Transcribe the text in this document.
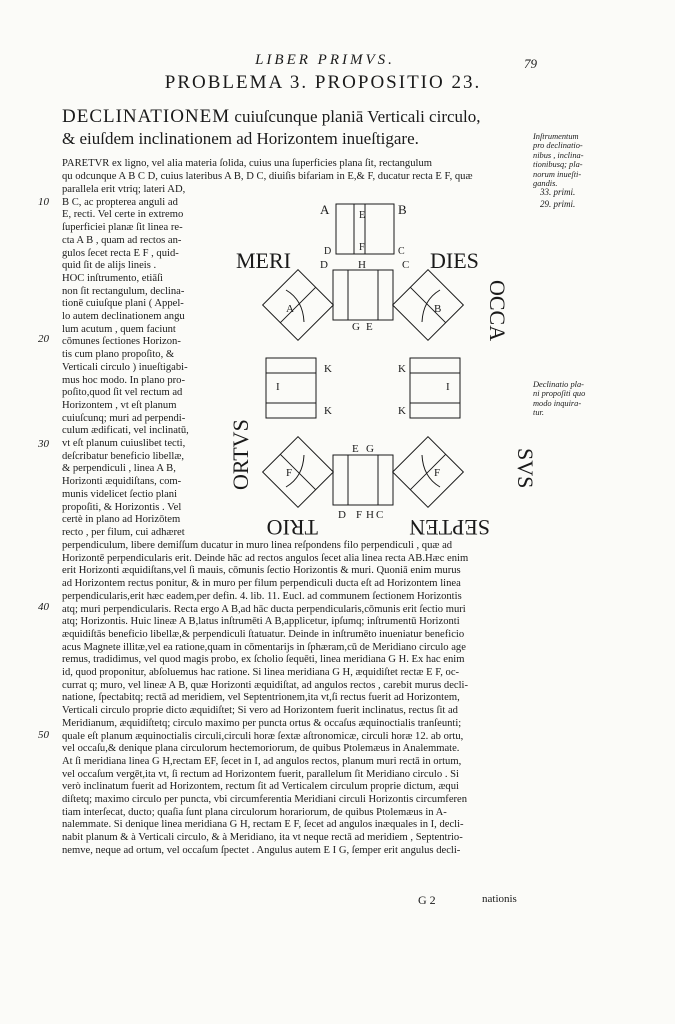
LIBER PRIMVS.	79
PROBLEMA 3. PROPOSITIO 23.
DECLINATIONEM cuiuſcunque planiā Verticali circulo,
& eiuſdem inclinationem ad Horizontem inueſtigare.
PARETVR ex ligno, vel alia materia ſolida, cuius una ſuperficies plana ſit, rectangulum
qu odcunque A B C D, cuius lateribus A B, D C, diuiſis bifariam in E,& F, ducatur recta E F, quæ
parallela erit vtriq; lateri AD,
B C, ac propterea anguli ad
E, recti. Vel certe in extremo
ſuperficiei planæ ſit linea re-
cta A B , quam ad rectos an-
gulos ſecet recta E F , quid-
quid ſit de alijs lineis .
HOC inſtrumento, etiāſi
non ſit rectangulum, declina-
tionē cuiuſque plani ( Appel-
lo autem declinationem angu
lum acutum , quem faciunt
cōmunes ſectiones Horizon-
tis cum plano propoſito, &
Verticali circulo ) inueſtigabi-
mus hoc modo. In plano pro-
poſito,quod ſit vel rectum ad
Horizontem , vt eſt planum
cuiuſcunq; muri ad perpendi-
culum ædificati, vel inclinatū,
vt eſt planum cuiuslibet tecti,
deſcribatur beneficio libellæ,
& perpendiculi , linea A B,
Horizonti æquidiſtans, com-
munis videlicet ſectio plani
propoſiti, & Horizontis . Vel
certè in plano ad Horizōtem
recto , per filum, cui adhæret
perpendiculum, libere demiſſum ducatur in muro linea reſpondens filo perpendiculi , quæ ad
Horizontē perpendicularis erit. Deinde hāc ad rectos angulos ſecet alia linea recta AB.Hæc enim
erit Horizonti æquidiſtans,vel ſi mauis, cōmunis ſectio Horizontis & muri. Quoniā enim murus
ad Horizontem rectus ponitur, & in muro per filum perpendiculi ducta eſt ad Horizontem linea
perpendicularis,erit hæc eadem,per defin. 4. lib. 11. Eucl. ad communem ſectionem Horizontis
atq; muri perpendicularis. Recta ergo A B,ad hāc ducta perpendicularis,cōmunis erit ſectio muri
atq; Horizontis. Huic lineæ A B,latus inſtrumēti A B,applicetur, ipſumq; inſtrumentū Horizonti
æquidiſtās beneficio libellæ,& perpendiculi ſtatuatur. Deinde in inſtrumēto inueniatur beneficio
acus Magnete illitæ,vel ea ratione,quam in cōmentarijs in ſphæram,cū de Meridiano circulo age
remus, tradidimus, vel quod magis probo, ex ſcholio ſequēti, linea meridiana G H. Ex hac enim
id, quod proponitur, abſoluemus hac ratione. Si linea meridiana G H, æquidiſtet rectæ E F, oc-
currat q; muro, vel lineæ A B, quæ Horizonti æquidiſtat, ad angulos rectos , carebit murus decli-
natione, ſpectabitq; rectā ad meridiem, vel Septentrionem,ita vt,ſi rectus fuerit ad Horizontem,
Verticali circulo proprie dicto æquidiſtet; Si vero ad Horizontem fuerit inclinatus, rectus ſit ad
Meridianum, æquidiſtetq; circulo maximo per puncta ortus & occaſus æquinoctialis tranſeunti;
quale eſt planum æquinoctialis circuli,circuli horæ ſextæ aſtronomicæ, circuli horæ 12. ab ortu,
vel occaſu,& denique plana circulorum hectemoriorum, de quibus Ptolemæus in Analemmate.
At ſi meridiana linea G H,rectam EF, ſecet in I, ad angulos rectos, planum muri rectā in ortum,
vel occaſum vergēt,ita vt, ſi rectum ad Horizontem fuerit, parallelum ſit Meridiano circulo . Si
verò inclinatum fuerit ad Horizontem, rectum ſit ad Verticalem circulum proprie dictum, æqui
diſtetq; maximo circulo per puncta, vbi circumferentia Meridiani circuli Horizontis circumferen
tiam interſecat, ducto; quaſia ſunt plana circulorum horariorum, de quibus Ptolemæus in A-
nalemmate. Si denique linea meridiana G H, rectam E F, ſecet ad angulos inæquales in I, decli-
nabit planum & à Verticali circulo, & à Meridiano, ita vt neque rectā ad meridiem , Septentrio-
nemve, neque ad ortum, vel occaſum ſpectet . Angulus autem E I G, ſemper erit angulus decli-
10
20
30
40
50
Inſtrumentum
pro declinatio-
nibus , inclina-
tionibusq; pla-
norum inueſti-
gandis.
33. primi.
29. primi.
Declinatio pla-
ni propoſiti quo
modo inquira-
tur.
G 2	nationis
A	E	B
D	F	C
D	H	C
G E
K	K
K	K
E G
D F H C
I	I
A	B
F	F
MERI	DIES
OCCA
SVS
SEPTEN
TRIO
ORTVS
